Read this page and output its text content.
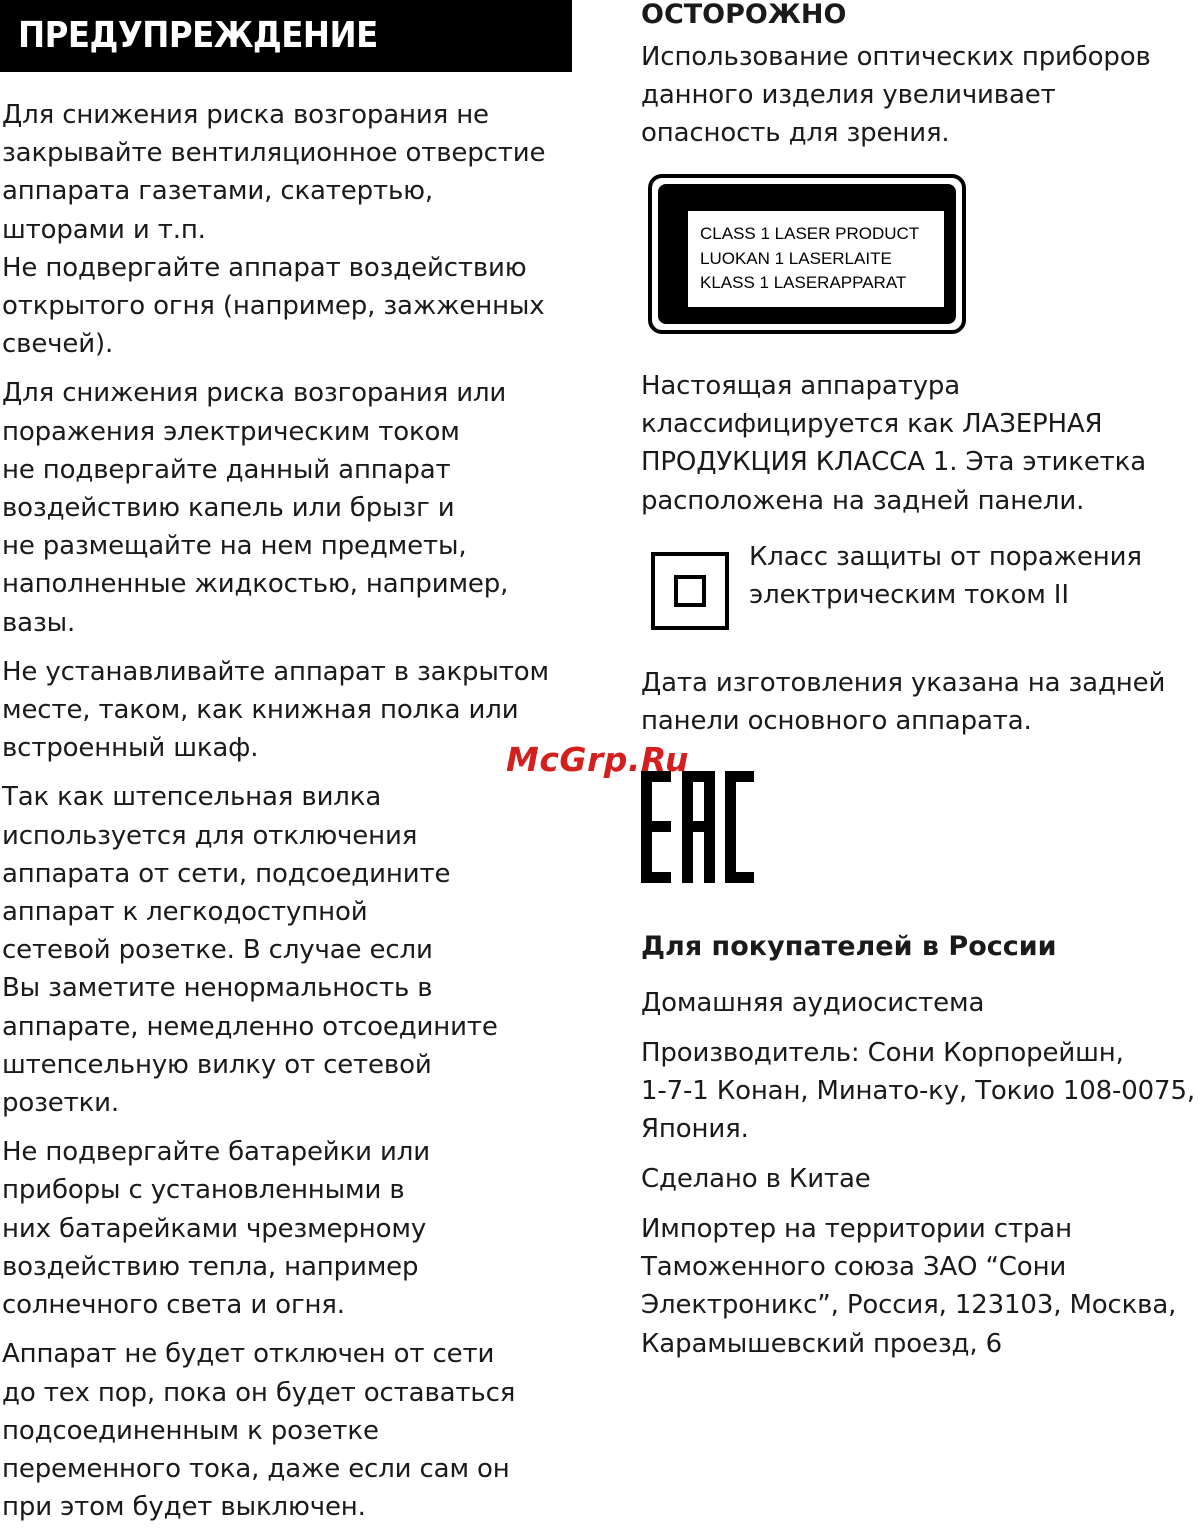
ПРЕДУПРЕЖДЕНИЕ

Для снижения риска возгорания не
закрывайте вентиляционное отверстие
аппарата газетами, скатертью,
шторами и т.п.
Не подвергайте аппарат воздействию
открытого огня (например, зажженных
свечей).

Для снижения риска возгорания или
поражения электрическим током
не подвергайте данный аппарат
воздействию капель или брызг и
не размещайте на нем предметы,
наполненные жидкостью, например,
вазы.

Не устанавливайте аппарат в закрытом
месте, таком, как книжная полка или
встроенный шкаф.

Так как штепсельная вилка
используется для отключения
аппарата от сети, подсоедините
аппарат к легкодоступной
сетевой розетке. В случае если
Вы заметите ненормальность в
аппарате, немедленно отсоедините
штепсельную вилку от сетевой
розетки.

Не подвергайте батарейки или
приборы с установленными в
них батарейками чрезмерному
воздействию тепла, например
солнечного света и огня.

Аппарат не будет отключен от сети
до тех пор, пока он будет оставаться
подсоединенным к розетке
переменного тока, даже если сам он
при этом будет выключен.

ОСТОРОЖНО

Использование оптических приборов
данного изделия увеличивает
опасность для зрения.

CLASS 1 LASER PRODUCT
LUOKAN 1 LASERLAITE
KLASS 1 LASERAPPARAT

Настоящая аппаратура
классифицируется как ЛАЗЕРНАЯ
ПРОДУКЦИЯ КЛАССА 1. Эта этикетка
расположена на задней панели.

Класс защиты от поражения
электрическим током II

Дата изготовления указана на задней
панели основного аппарата.

Для покупателей в России

Домашняя аудиосистема

Производитель: Сони Корпорейшн,
1-7-1 Конан, Минато-ку, Токио 108-0075,
Япония.

Сделано в Китае

Импортер на территории стран
Таможенного союза ЗАО “Сони
Электроникс”, Россия, 123103, Москва,
Карамышевский проезд, 6

McGrp.Ru
